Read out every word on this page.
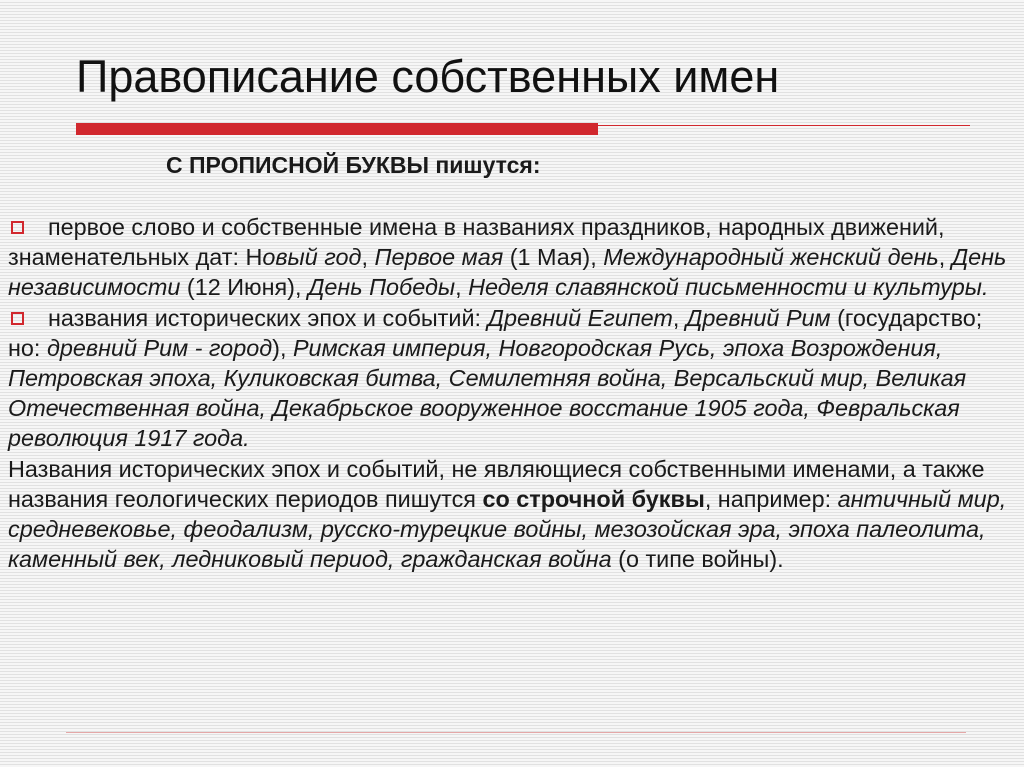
Правописание собственных имен
С ПРОПИСНОЙ БУКВЫ пишутся:

первое слово и собственные имена в названиях праздников, народных движений, знаменательных дат: Новый год, Первое мая (1 Мая), Международный женский день, День независимости (12 Июня), День Победы, Неделя славянской письменности и культуры.

названия исторических эпох и событий: Древний Египет, Древний Рим (государство; но: древний Рим - город), Римская империя, Новгородская Русь, эпоха Возрождения, Петровская эпоха, Куликовская битва, Семилетняя война, Версальский мир, Великая Отечественная война, Декабрьское вооруженное восстание 1905 года, Февральская революция 1917 года.

Названия исторических эпох и событий, не являющиеся собственными именами, а также названия геологических периодов пишутся со строчной буквы, например: античный мир, средневековье, феодализм, русско-турецкие войны, мезозойская эра, эпоха палеолита, каменный век, ледниковый период, гражданская война (о типе войны).
